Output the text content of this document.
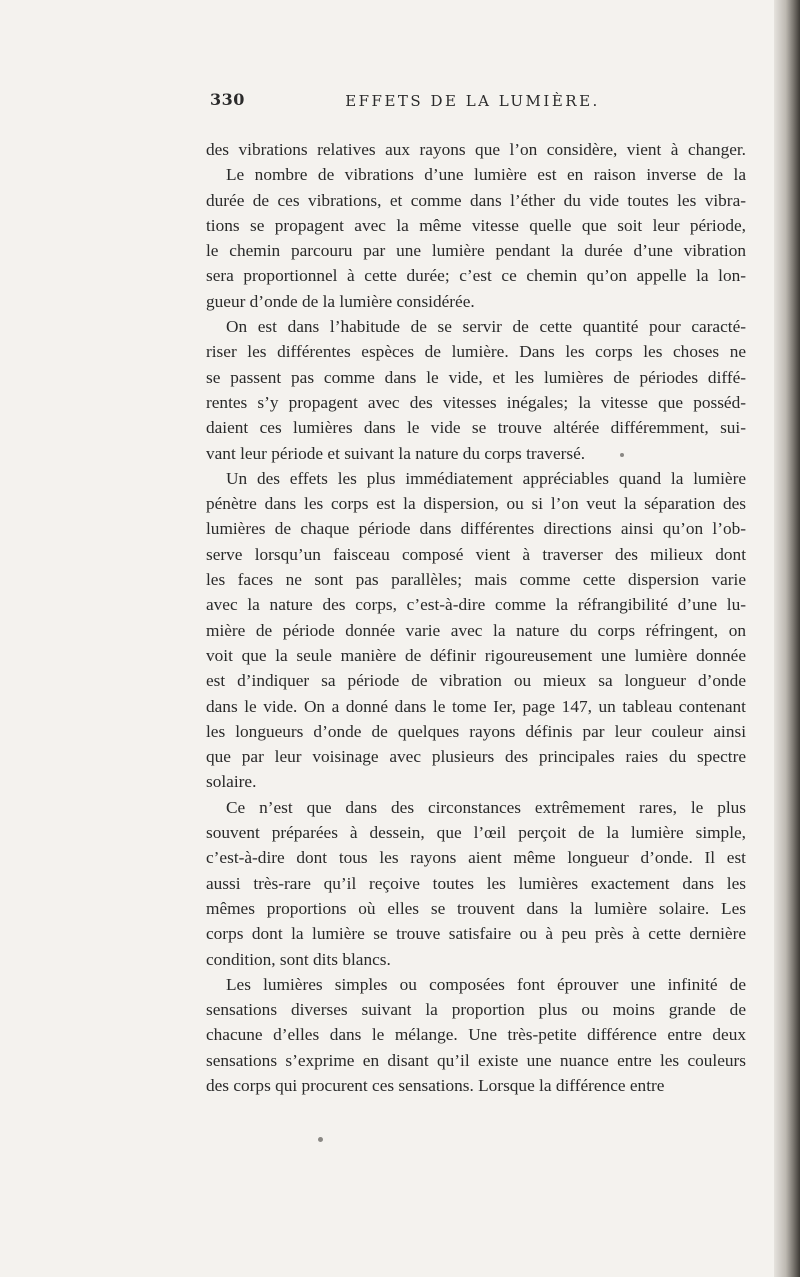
330	EFFETS DE LA LUMIÈRE.
des vibrations relatives aux rayons que l’on considère, vient à changer.
Le nombre de vibrations d’une lumière est en raison inverse de la
durée de ces vibrations, et comme dans l’éther du vide toutes les vibra-
tions se propagent avec la même vitesse quelle que soit leur période,
le chemin parcouru par une lumière pendant la durée d’une vibration
sera proportionnel à cette durée; c’est ce chemin qu’on appelle la lon-
gueur d’onde de la lumière considérée.
On est dans l’habitude de se servir de cette quantité pour caracté-
riser les différentes espèces de lumière. Dans les corps les choses ne
se passent pas comme dans le vide, et les lumières de périodes diffé-
rentes s’y propagent avec des vitesses inégales; la vitesse que posséd-
daient ces lumières dans le vide se trouve altérée différemment, sui-
vant leur période et suivant la nature du corps traversé.
Un des effets les plus immédiatement appréciables quand la lumière
pénètre dans les corps est la dispersion, ou si l’on veut la séparation des
lumières de chaque période dans différentes directions ainsi qu’on l’ob-
serve lorsqu’un faisceau composé vient à traverser des milieux dont
les faces ne sont pas parallèles; mais comme cette dispersion varie
avec la nature des corps, c’est-à-dire comme la réfrangibilité d’une lu-
mière de période donnée varie avec la nature du corps réfringent, on
voit que la seule manière de définir rigoureusement une lumière donnée
est d’indiquer sa période de vibration ou mieux sa longueur d’onde
dans le vide. On a donné dans le tome Ier, page 147, un tableau contenant
les longueurs d’onde de quelques rayons définis par leur couleur ainsi
que par leur voisinage avec plusieurs des principales raies du spectre
solaire.
Ce n’est que dans des circonstances extrêmement rares, le plus
souvent préparées à dessein, que l’œil perçoit de la lumière simple,
c’est-à-dire dont tous les rayons aient même longueur d’onde. Il est
aussi très-rare qu’il reçoive toutes les lumières exactement dans les
mêmes proportions où elles se trouvent dans la lumière solaire. Les
corps dont la lumière se trouve satisfaire ou à peu près à cette dernière
condition, sont dits blancs.
Les lumières simples ou composées font éprouver une infinité de
sensations diverses suivant la proportion plus ou moins grande de
chacune d’elles dans le mélange. Une très-petite différence entre deux
sensations s’exprime en disant qu’il existe une nuance entre les couleurs
des corps qui procurent ces sensations. Lorsque la différence entre
